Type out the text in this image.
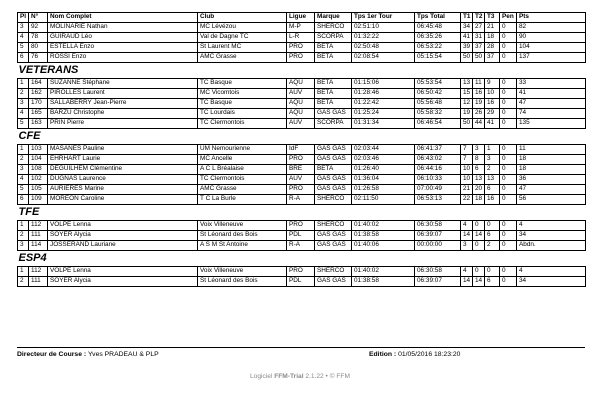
Pl	N°	Nom Complet	Club	Ligue	Marque	Tps 1er Tour	Tps Total	T1	T2	T3	Pen	Pts
3	92	MOLINARIE Nathan	MC Lévézou	M-P	SHERCO	02:51:10	06:45:48	34	27	21	0	82
4	78	GUIRAUD Léo	Val de Dagne TC	L-R	SCORPA	01:32:22	06:35:26	41	31	18	0	90
5	80	ESTELLA Enzo	St Laurent MC	PRO	BETA	02:50:48	06:53:22	39	37	28	0	104
6	76	ROSSI Enzo	AMC Grasse	PRO	BETA	02:08:54	05:15:54	50	50	37	0	137
VETERANS												
1	164	SUZANNE Stéphane	TC Basque	AQU	BETA	01:15:06	05:53:54	13	11	9	0	33
2	162	PIROLLES Laurent	MC Vicomtois	AUV	BETA	01:28:46	06:50:42	15	16	10	0	41
3	170	SALLABERRY Jean-Pierre	TC Basque	AQU	BETA	01:22:42	05:56:48	12	19	16	0	47
4	165	BARZU Christophe	TC Lourdais	AQU	GAS GAS	01:25:24	05:58:32	19	26	29	0	74
5	163	PRIN Pierre	TC Clermontois	AUV	SCORPA	01:31:34	06:46:54	50	44	41	0	135
CFE												
1	103	MASANES Pauline	UM Nemourienne	IdF	GAS GAS	02:03:44	06:41:37	7	3	1	0	11
2	104	EHRHART Laurie	MC Ancelle	PRO	GAS GAS	02:03:46	06:43:02	7	8	3	0	18
3	108	DEGUILHEM Clémentine	A C L Bréalaise	BRE	BETA	01:26:40	06:44:16	10	6	2	0	18
4	102	DUGNAS Laurence	TC Clermontois	AUV	GAS GAS	01:36:04	06:10:33	10	13	13	0	36
5	105	AURIERES Marine	AMC Grasse	PRO	GAS GAS	01:26:58	07:00:49	21	20	6	0	47
6	109	MOREON Caroline	T C La Burle	R-A	SHERCO	02:11:50	06:53:13	22	18	16	0	56
TFE												
1	112	VOLPE Lenna	Voix Villeneuve	PRO	SHERCO	01:40:02	06:30:58	4	0	0	0	4
2	111	SOYER Alycia	St Léonard des Bois	PDL	GAS GAS	01:38:58	06:39:07	14	14	6	0	34
3	114	JOSSERAND Lauriane	A S M St Antoine	R-A	GAS GAS	01:40:06	00:00:00	3	0	2	0	Abdn.
ESP4												
1	112	VOLPE Lenna	Voix Villeneuve	PRO	SHERCO	01:40:02	06:30:58	4	0	0	0	4
2	111	SOYER Alycia	St Léonard des Bois	PDL	GAS GAS	01:38:58	06:39:07	14	14	6	0	34
Directeur de Course : Yves PRADEAU & PLP	Edition : 01/05/2016 18:23:20
Logiciel FFM-Trial 2.1.22 • © FFM
